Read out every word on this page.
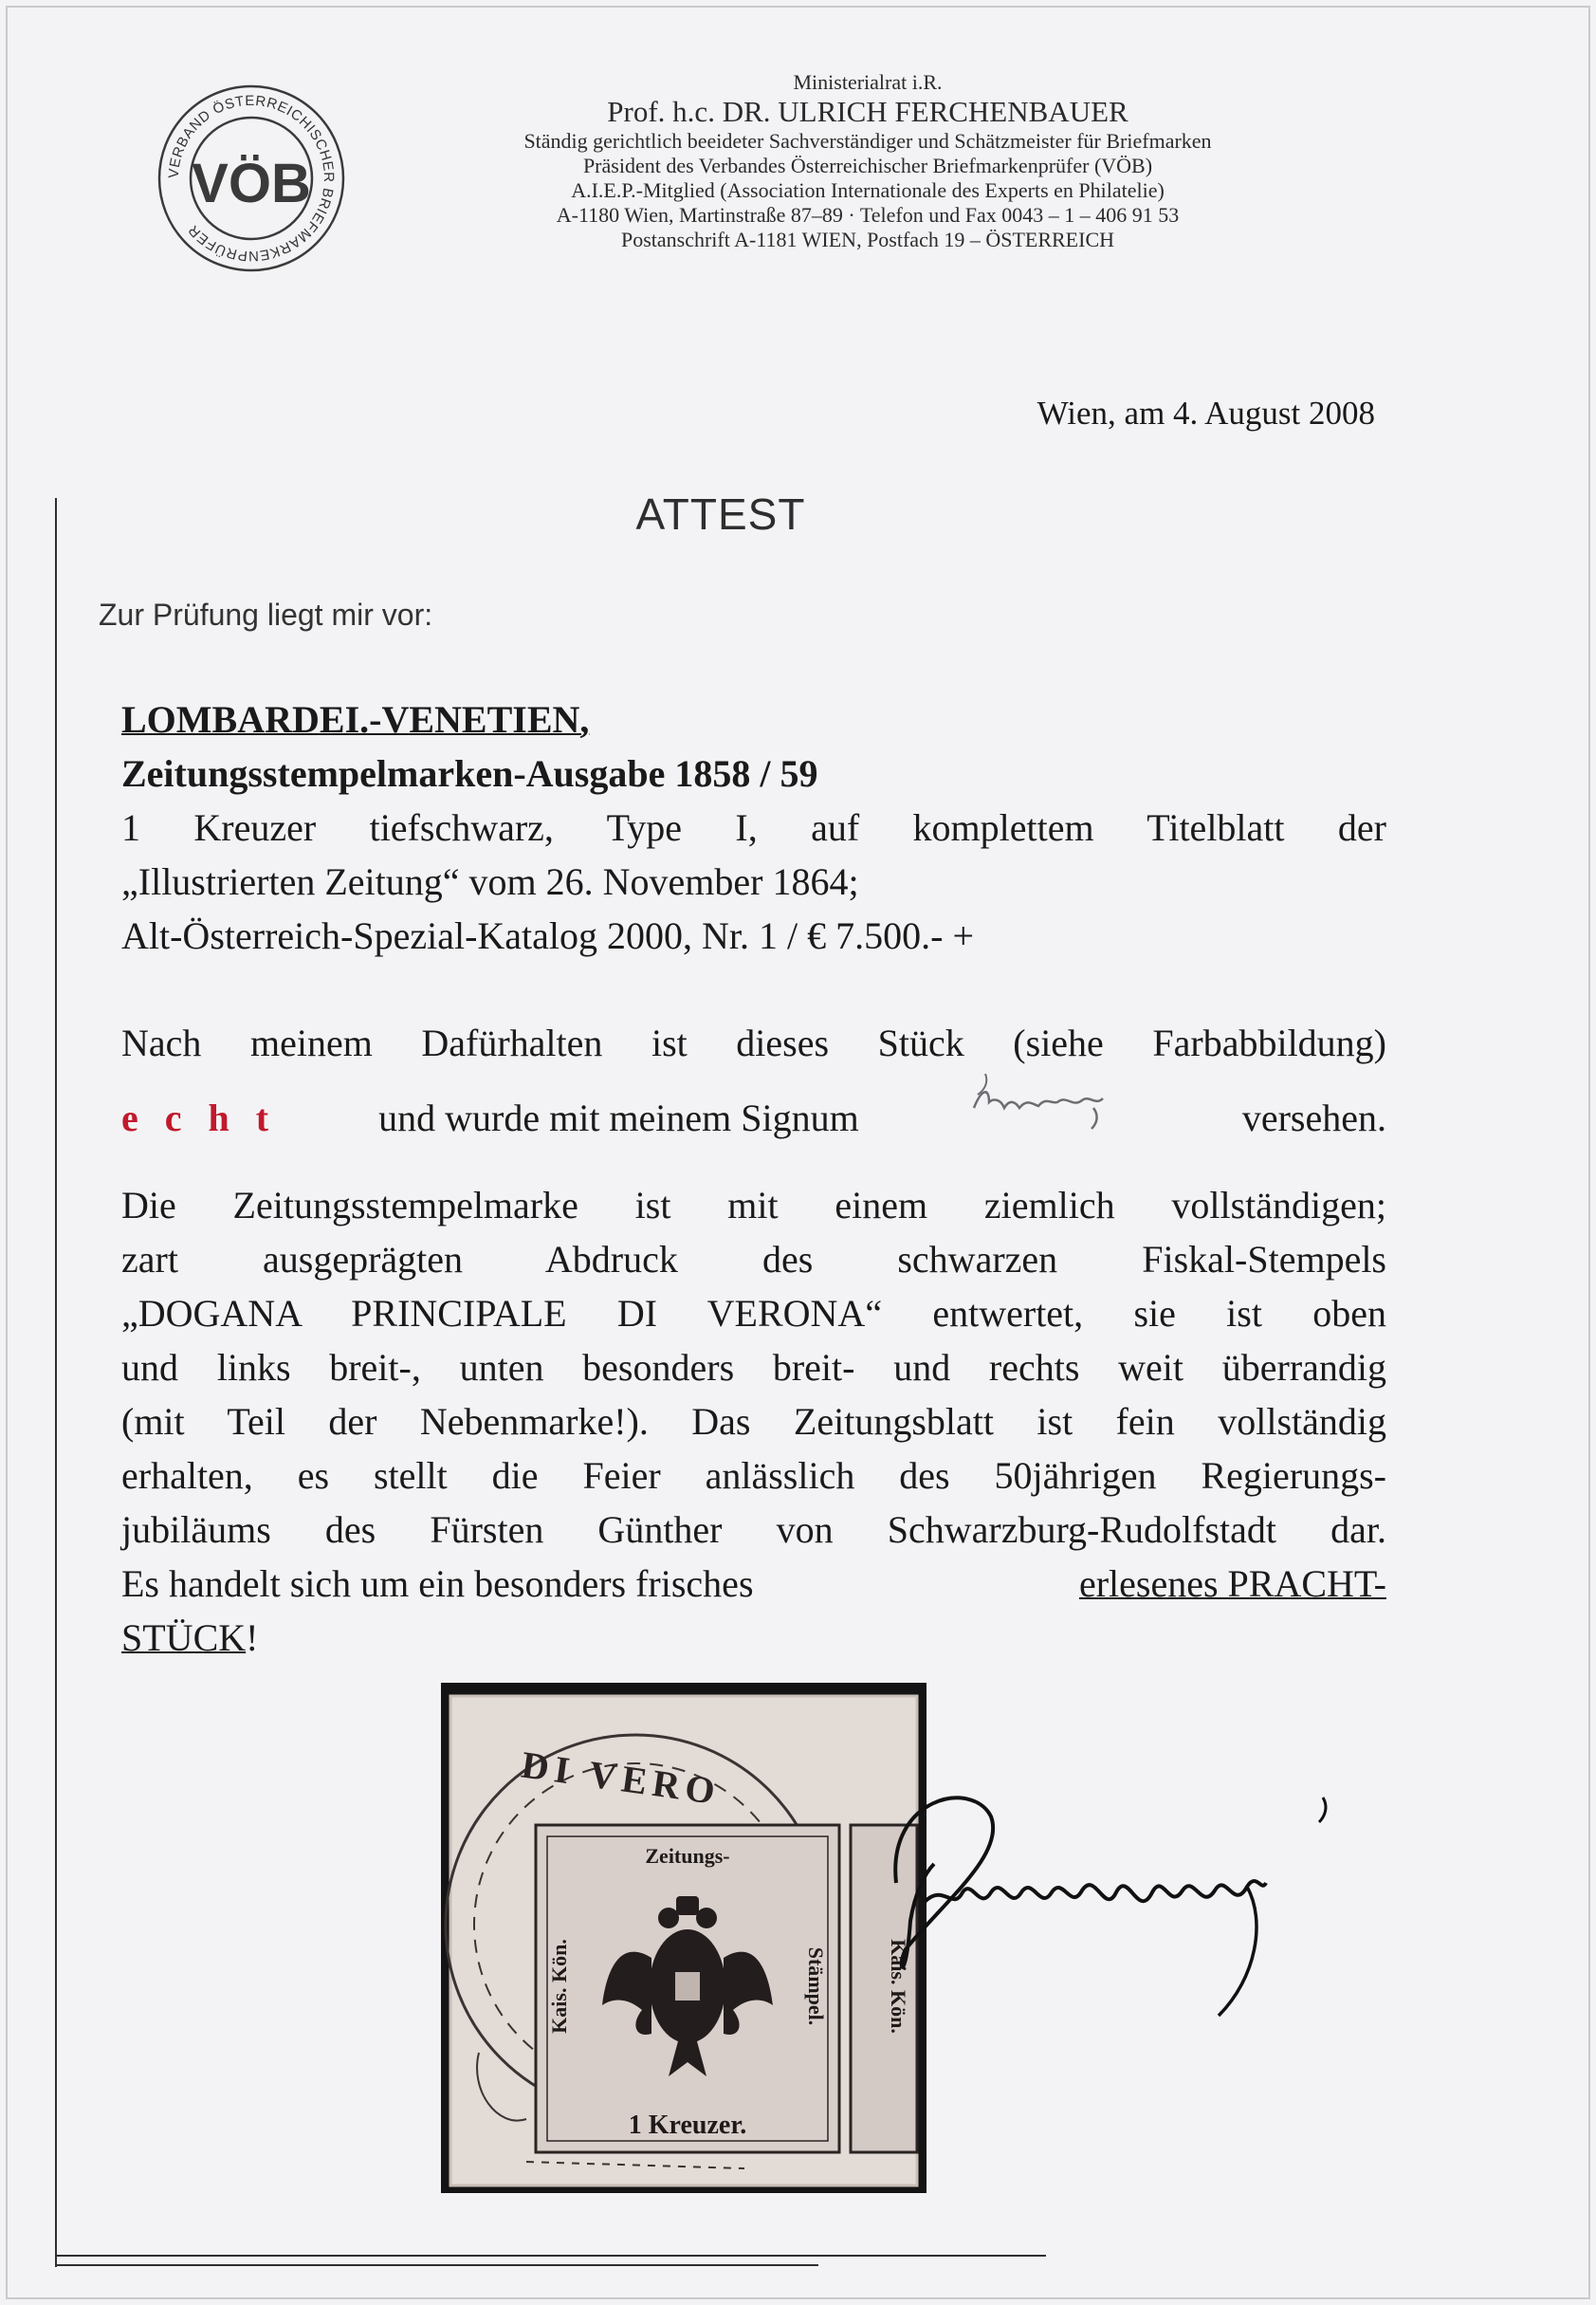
VERBAND ÖSTERREICHISCHER BRIEFMARKENPRÜFER
VÖB
Ministerialrat i.R.
Prof. h.c. DR. ULRICH FERCHENBAUER
Ständig gerichtlich beeideter Sachverständiger und Schätzmeister für Briefmarken
Präsident des Verbandes Österreichischer Briefmarkenprüfer (VÖB)
A.I.E.P.-Mitglied (Association Internationale des Experts en Philatelie)
A-1180 Wien, Martinstraße 87–89 · Telefon und Fax 0043 – 1 – 406 91 53
Postanschrift A-1181 WIEN, Postfach 19 – ÖSTERREICH
Wien, am 4. August 2008
ATTEST
Zur Prüfung liegt mir vor:
LOMBARDEI.-VENETIEN,
Zeitungsstempelmarken-Ausgabe 1858 / 59
1 Kreuzer tiefschwarz, Type I, auf komplettem Titelblatt der
„Illustrierten Zeitung“ vom 26. November 1864;
Alt-Österreich-Spezial-Katalog 2000, Nr. 1 / € 7.500.- +
Nach meinem Dafürhalten ist dieses Stück (siehe Farbabbildung)
e c h t	und wurde mit meinem Signum	versehen.
Die Zeitungsstempelmarke ist mit einem ziemlich vollständigen;
zart ausgeprägten Abdruck des schwarzen Fiskal-Stempels
„DOGANA PRINCIPALE DI VERONA“ entwertet, sie ist oben
und links breit-, unten besonders breit- und rechts weit überrandig
(mit Teil der Nebenmarke!). Das Zeitungsblatt ist fein vollständig
erhalten, es stellt die Feier anlässlich des 50jährigen Regierungs-
jubiläums des Fürsten Günther von Schwarzburg-Rudolfstadt dar.
Es handelt sich um ein besonders frisches	erlesenes PRACHT-
STÜCK!
DI VERO
Zeitungs-
Kais. Kön.	Stämpel.
1 Kreuzer.
Kais. Kön.
